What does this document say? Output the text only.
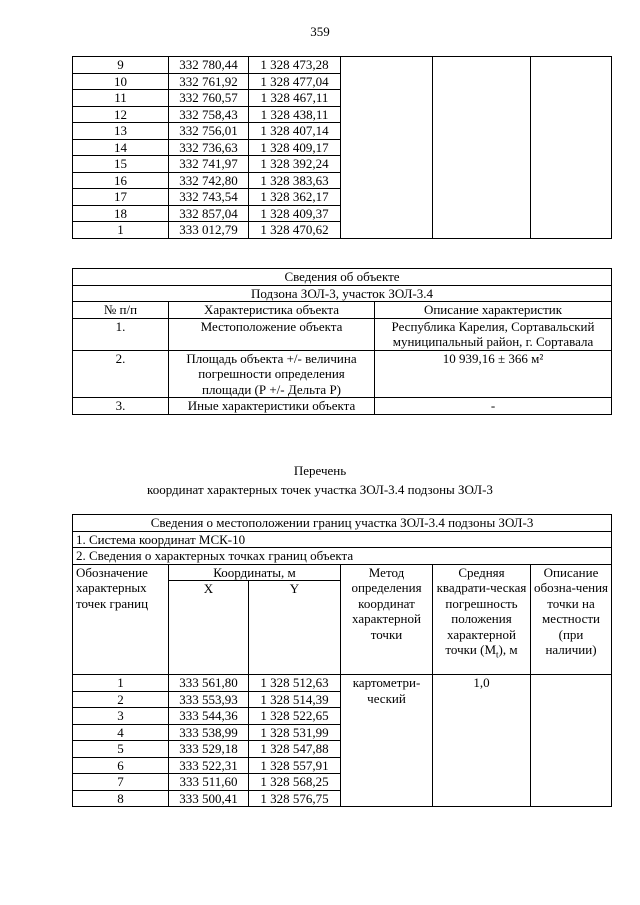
359
9	332 780,44	1 328 473,28			
10	332 761,92	1 328 477,04			
11	332 760,57	1 328 467,11			
12	332 758,43	1 328 438,11			
13	332 756,01	1 328 407,14			
14	332 736,63	1 328 409,17			
15	332 741,97	1 328 392,24			
16	332 742,80	1 328 383,63			
17	332 743,54	1 328 362,17			
18	332 857,04	1 328 409,37			
1	333 012,79	1 328 470,62			
Сведения об объекте		
Подзона ЗОЛ-3, участок ЗОЛ-3.4		
№ п/п	Характеристика объекта	Описание характеристик
1.	Местоположение объекта	Республика Карелия, Сортавальский муниципальный район, г. Сортавала
2.	Площадь объекта +/- величина погрешности определения площади (Р +/- Дельта Р)	10 939,16 ± 366 м²
3.	Иные характеристики объекта	-
Перечень
координат характерных точек участка ЗОЛ-3.4 подзоны ЗОЛ-3
Сведения о местоположении границ участка ЗОЛ-3.4 подзоны ЗОЛ-3					
1. Система координат МСК-10					
2. Сведения о характерных точках границ объекта					
Обозначение характерных точек границ	Координаты, м		Метод определения координат характерной точки	Средняя квадрати-ческая погрешность положения характерной точки $(M_t)$, м	Описание обозна-чения точки на местности (при наличии)
	X	Y			
1	333 561,80	1 328 512,63	картометри-ческий	1,0	
2	333 553,93	1 328 514,39			
3	333 544,36	1 328 522,65			
4	333 538,99	1 328 531,99			
5	333 529,18	1 328 547,88			
6	333 522,31	1 328 557,91			
7	333 511,60	1 328 568,25			
8	333 500,41	1 328 576,75			
